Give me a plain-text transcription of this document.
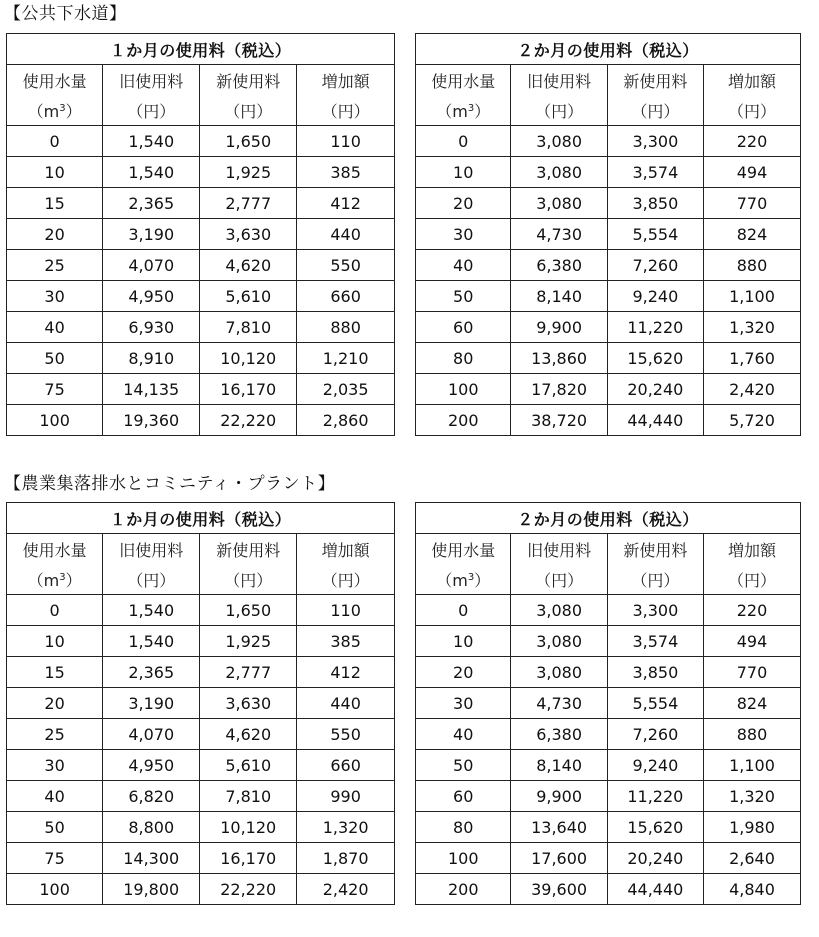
【公共下水道】
１か月の使用料（税込）			
使用水量	旧使用料	新使用料	増加額
$(m^3)$	（円）	（円）	（円）
0	1,540	1,650	110
10	1,540	1,925	385
15	2,365	2,777	412
20	3,190	3,630	440
25	4,070	4,620	550
30	4,950	5,610	660
40	6,930	7,810	880
50	8,910	10,120	1,210
75	14,135	16,170	2,035
100	19,360	22,220	2,860
２か月の使用料（税込）			
使用水量	旧使用料	新使用料	増加額
$(m^3)$	（円）	（円）	（円）
0	3,080	3,300	220
10	3,080	3,574	494
20	3,080	3,850	770
30	4,730	5,554	824
40	6,380	7,260	880
50	8,140	9,240	1,100
60	9,900	11,220	1,320
80	13,860	15,620	1,760
100	17,820	20,240	2,420
200	38,720	44,440	5,720
【農業集落排水とコミニティ・プラント】
１か月の使用料（税込）			
使用水量	旧使用料	新使用料	増加額
$(m^3)$	（円）	（円）	（円）
0	1,540	1,650	110
10	1,540	1,925	385
15	2,365	2,777	412
20	3,190	3,630	440
25	4,070	4,620	550
30	4,950	5,610	660
40	6,820	7,810	990
50	8,800	10,120	1,320
75	14,300	16,170	1,870
100	19,800	22,220	2,420
２か月の使用料（税込）			
使用水量	旧使用料	新使用料	増加額
$(m^3)$	（円）	（円）	（円）
0	3,080	3,300	220
10	3,080	3,574	494
20	3,080	3,850	770
30	4,730	5,554	824
40	6,380	7,260	880
50	8,140	9,240	1,100
60	9,900	11,220	1,320
80	13,640	15,620	1,980
100	17,600	20,240	2,640
200	39,600	44,440	4,840
